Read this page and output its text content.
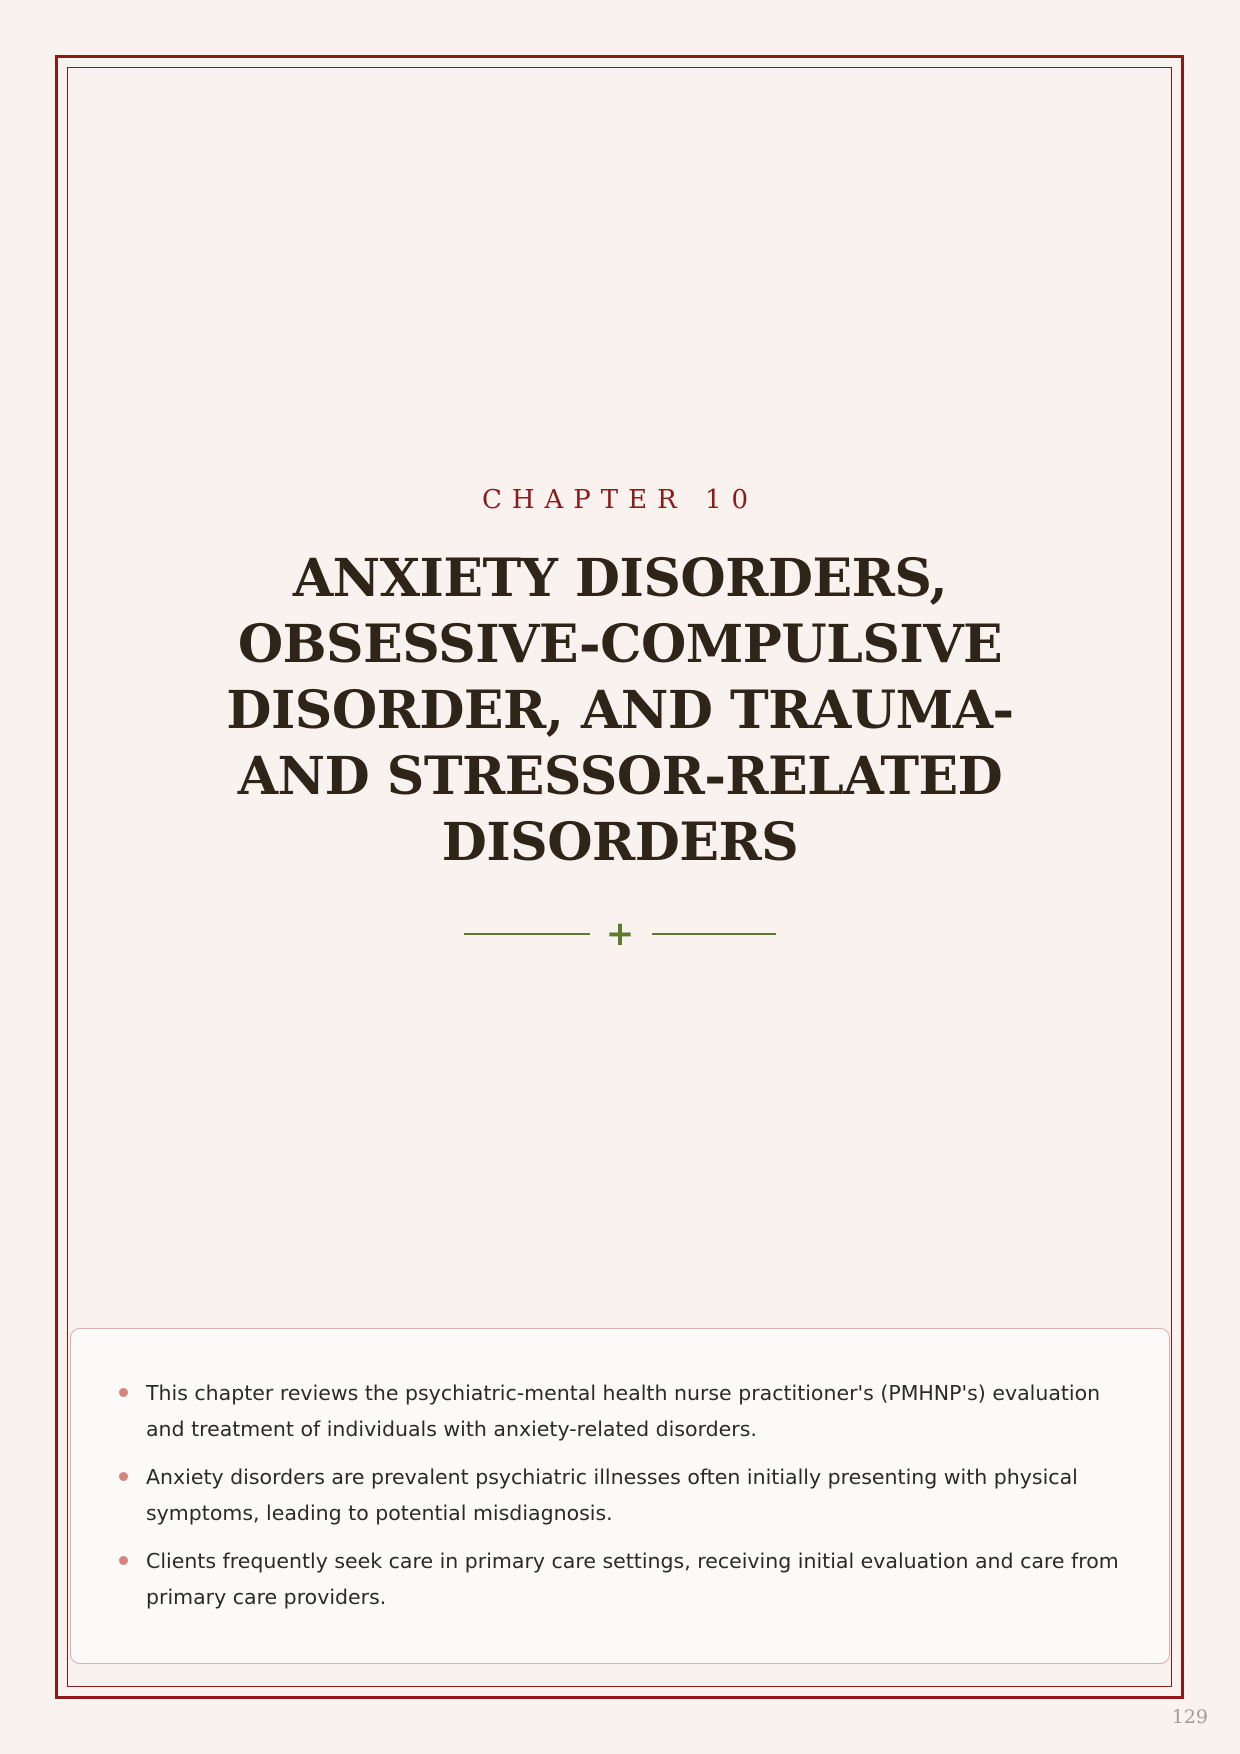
CHAPTER 10
ANXIETY DISORDERS, OBSESSIVE-COMPULSIVE DISORDER, AND TRAUMA- AND STRESSOR-RELATED DISORDERS
+
This chapter reviews the psychiatric-mental health nurse practitioner's (PMHNP's) evaluation and treatment of individuals with anxiety-related disorders.
Anxiety disorders are prevalent psychiatric illnesses often initially presenting with physical symptoms, leading to potential misdiagnosis.
Clients frequently seek care in primary care settings, receiving initial evaluation and care from primary care providers.
129
